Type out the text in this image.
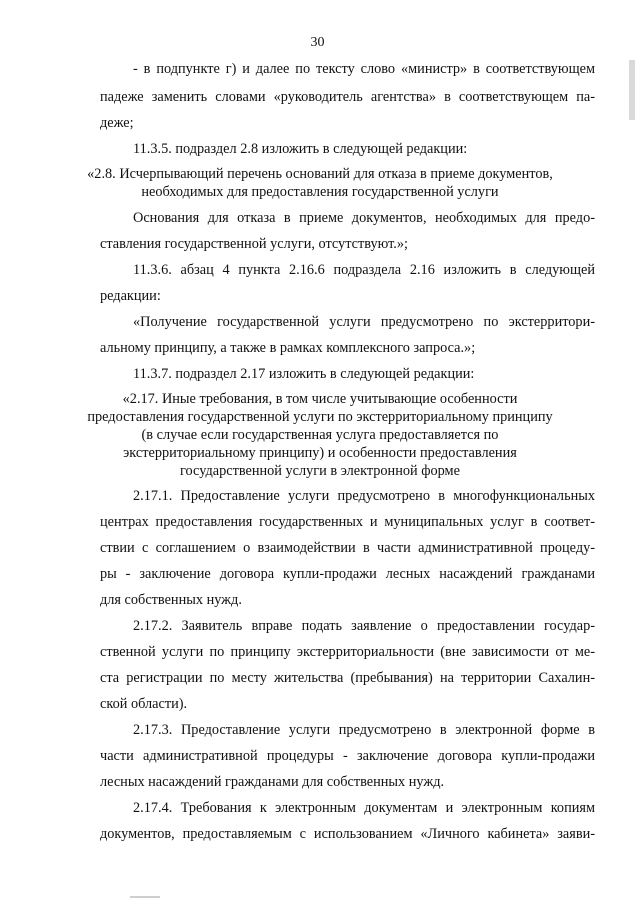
30
- в подпункте г) и далее по тексту слово «министр» в соответствующем
падеже заменить словами «руководитель агентства» в соответствующем па-
деже;
11.3.5. подраздел 2.8 изложить в следующей редакции:
«2.8. Исчерпывающий перечень оснований для отказа в приеме документов,
необходимых для предоставления государственной услуги
Основания для отказа в приеме документов, необходимых для предо-
ставления государственной услуги, отсутствуют.»;
11.3.6. абзац 4 пункта 2.16.6 подраздела 2.16 изложить в следующей
редакции:
«Получение государственной услуги предусмотрено по экстерритори-
альному принципу, а также в рамках комплексного запроса.»;
11.3.7. подраздел 2.17 изложить в следующей редакции:
«2.17. Иные требования, в том числе учитывающие особенности
предоставления государственной услуги по экстерриториальному принципу
(в случае если государственная услуга предоставляется по
экстерриториальному принципу) и особенности предоставления
государственной услуги в электронной форме
2.17.1. Предоставление услуги предусмотрено в многофункциональных
центрах предоставления государственных и муниципальных услуг в соответ-
ствии с соглашением о взаимодействии в части административной процеду-
ры - заключение договора купли-продажи лесных насаждений гражданами
для собственных нужд.
2.17.2. Заявитель вправе подать заявление о предоставлении государ-
ственной услуги по принципу экстерриториальности (вне зависимости от ме-
ста регистрации по месту жительства (пребывания) на территории Сахалин-
ской области).
2.17.3. Предоставление услуги предусмотрено в электронной форме в
части административной процедуры - заключение договора купли-продажи
лесных насаждений гражданами для собственных нужд.
2.17.4. Требования к электронным документам и электронным копиям
документов, предоставляемым с использованием «Личного кабинета» заяви-
